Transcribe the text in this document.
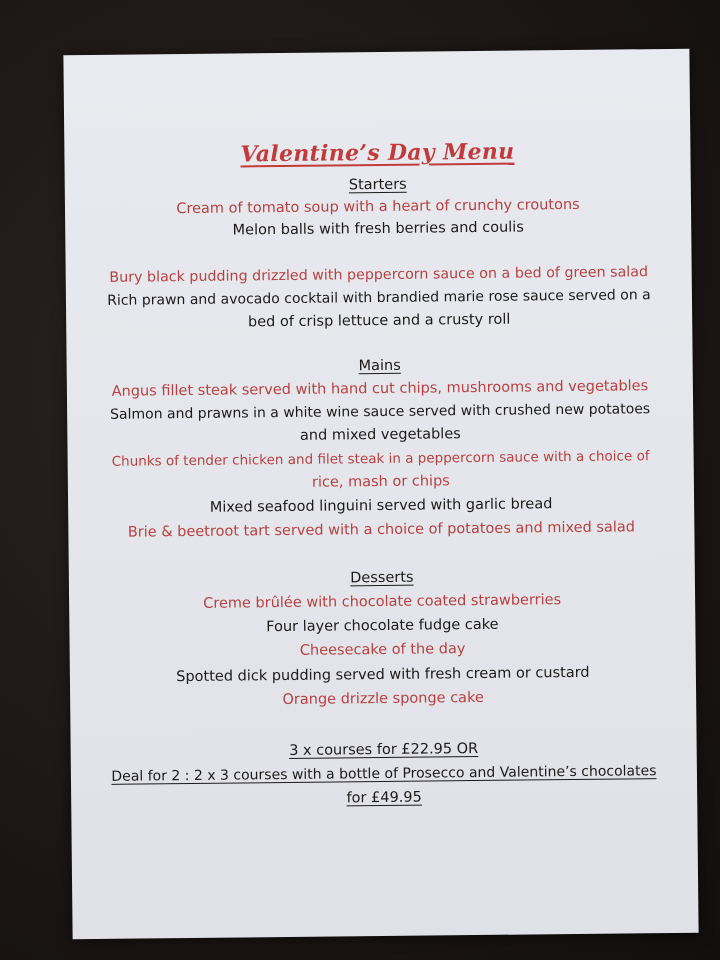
Valentine’s Day Menu
Starters
Cream of tomato soup with a heart of crunchy croutons
Melon balls with fresh berries and coulis
Bury black pudding drizzled with peppercorn sauce on a bed of green salad
Rich prawn and avocado cocktail with brandied marie rose sauce served on a
bed of crisp lettuce and a crusty roll
Mains
Angus fillet steak served with hand cut chips, mushrooms and vegetables
Salmon and prawns in a white wine sauce served with crushed new potatoes
and mixed vegetables
Chunks of tender chicken and filet steak in a peppercorn sauce with a choice of
rice, mash or chips
Mixed seafood linguini served with garlic bread
Brie & beetroot tart served with a choice of potatoes and mixed salad
Desserts
Creme brûlée with chocolate coated strawberries
Four layer chocolate fudge cake
Cheesecake of the day
Spotted dick pudding served with fresh cream or custard
Orange drizzle sponge cake
3 x courses for £22.95 OR
Deal for 2 : 2 x 3 courses with a bottle of Prosecco and Valentine’s chocolates
for £49.95
